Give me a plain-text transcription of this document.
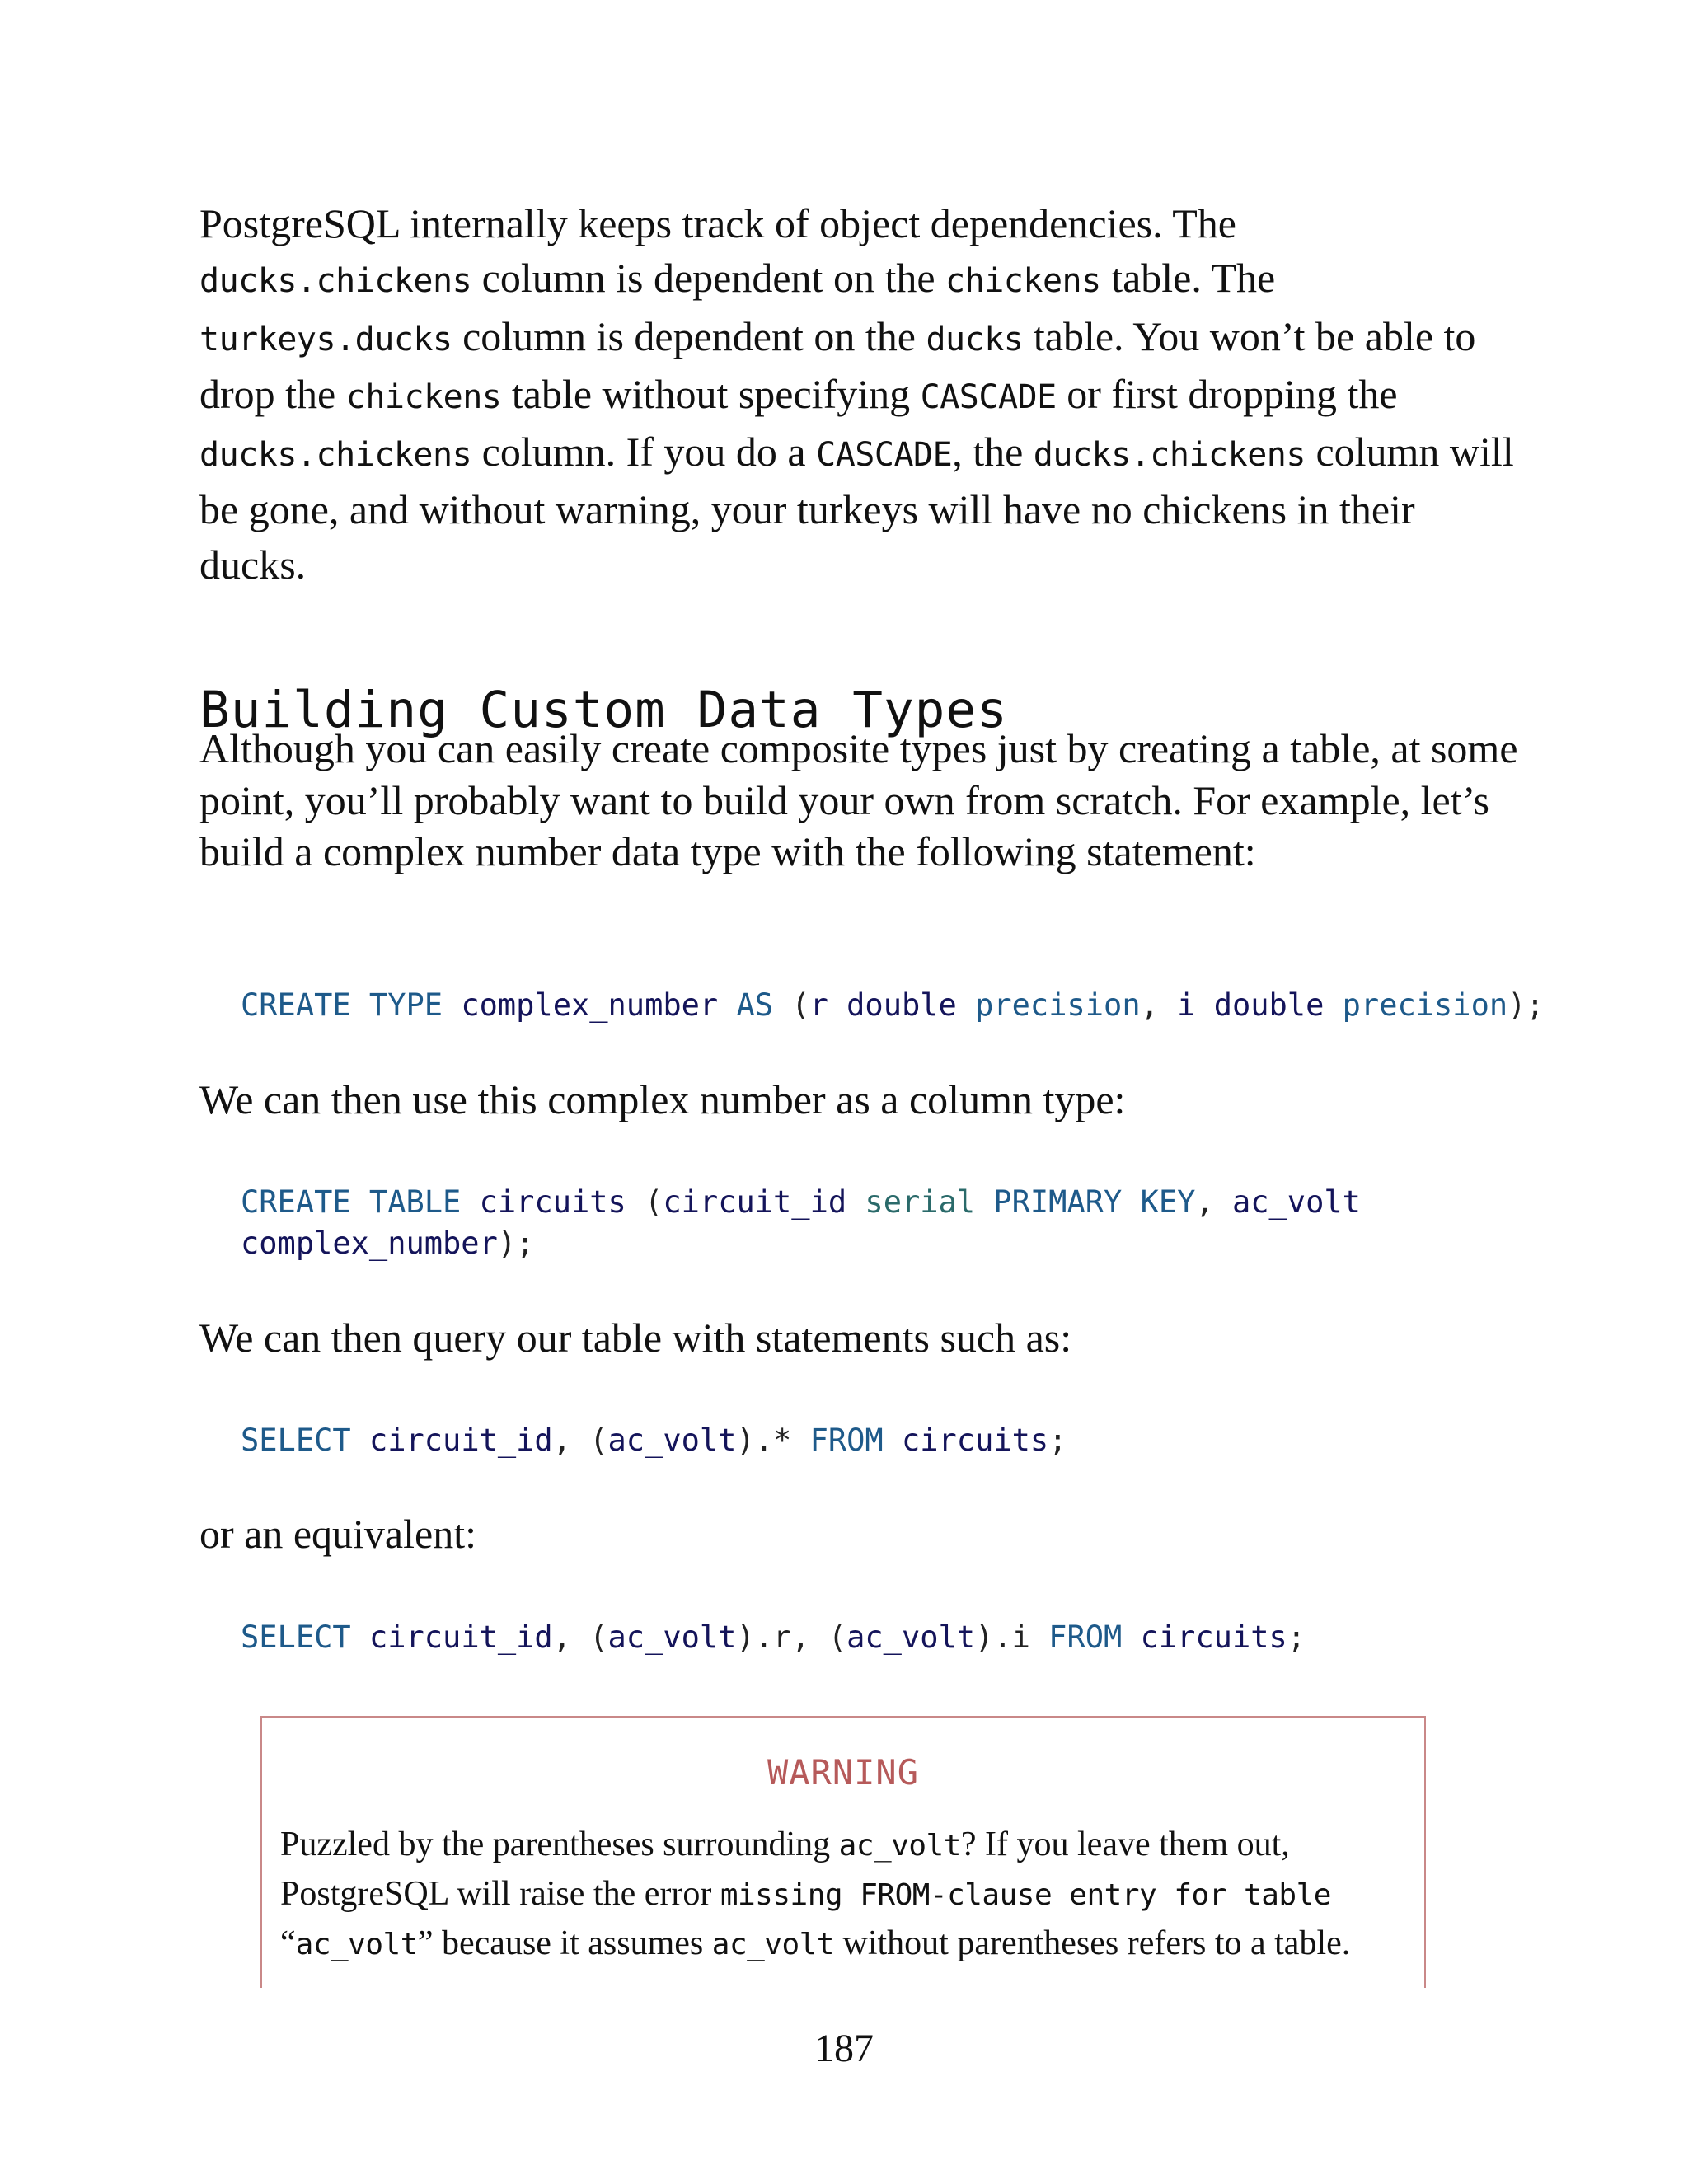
PostgreSQL internally keeps track of object dependencies. The
ducks.chickens column is dependent on the chickens table. The
turkeys.ducks column is dependent on the ducks table. You won’t be able to drop the chickens table without specifying CASCADE or first dropping the ducks.chickens column. If you do a CASCADE, the ducks.chickens column will be gone, and without warning, your turkeys will have no chickens in their ducks.
Building Custom Data Types
Although you can easily create composite types just by creating a table, at some point, you’ll probably want to build your own from scratch. For example, let’s build a complex number data type with the following statement:
CREATE TYPE complex_number AS (r double precision, i double precision);
We can then use this complex number as a column type:
CREATE TABLE circuits (circuit_id serial PRIMARY KEY, ac_volt
complex_number);
We can then query our table with statements such as:
SELECT circuit_id, (ac_volt).* FROM circuits;
or an equivalent:
SELECT circuit_id, (ac_volt).r, (ac_volt).i FROM circuits;
WARNING
Puzzled by the parentheses surrounding ac_volt? If you leave them out, PostgreSQL will raise the error missing FROM-clause entry for table
“ac_volt” because it assumes ac_volt without parentheses refers to a table.
187
